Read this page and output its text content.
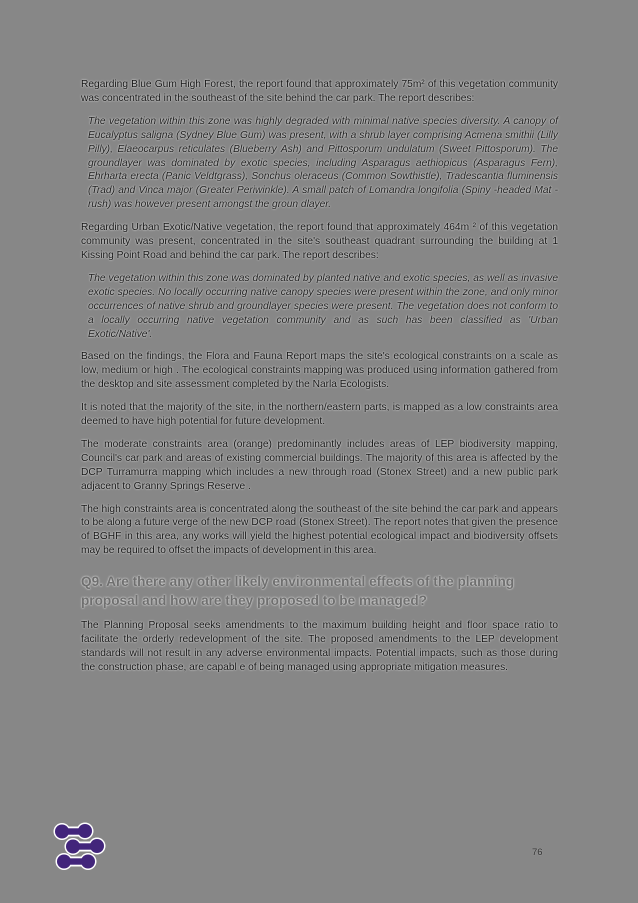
Regarding Blue Gum High Forest, the report found that approximately 75m² of this vegetation community was concentrated in the southeast of the site behind the car park. The report describes:

The vegetation within this zone was highly degraded with minimal native species diversity. A canopy of Eucalyptus saligna (Sydney Blue Gum) was present, with a shrub layer comprising Acmena smithii (Lilly Pilly), Elaeocarpus reticulates (Blueberry Ash) and Pittosporum undulatum (Sweet Pittosporum). The groundlayer was dominated by exotic species, including Asparagus aethiopicus (Asparagus Fern), Ehrharta erecta (Panic Veldtgrass), Sonchus oleraceus (Common Sowthistle), Tradescantia fluminensis (Trad) and Vinca major (Greater Periwinkle). A small patch of Lomandra longifolia (Spiny -headed Mat -rush) was however present amongst the groun dlayer.

Regarding Urban Exotic/Native vegetation, the report found that approximately 464m ² of this vegetation community was present, concentrated in the site's southeast quadrant surrounding the building at 1 Kissing Point Road and behind the car park. The report describes:

The vegetation within this zone was dominated by planted native and exotic species, as well as invasive exotic species. No locally occurring native canopy species were present within the zone, and only minor occurrences of native shrub and groundlayer species were present. The vegetation does not conform to a locally occurring native vegetation community and as such has been classified as 'Urban Exotic/Native'.

Based on the findings, the Flora and Fauna Report maps the site's ecological constraints on a scale as low, medium or high . The ecological constraints mapping was produced using information gathered from the desktop and site assessment completed by the Narla Ecologists.

It is noted that the majority of the site, in the northern/eastern parts, is mapped as a low constraints area deemed to have high potential for future development.

The moderate constraints area (orange) predominantly includes areas of LEP biodiversity mapping, Council's car park and areas of existing commercial buildings. The majority of this area is affected by the DCP Turramurra mapping which includes a new through road (Stonex Street) and a new public park adjacent to Granny Springs Reserve .

The high constraints area is concentrated along the southeast of the site behind the car park and appears to be along a future verge of the new DCP road (Stonex Street). The report notes that given the presence of BGHF in this area, any works will yield the highest potential ecological impact and biodiversity offsets may be required to offset the impacts of development in this area.

Q9. Are there any other likely environmental effects of the planning proposal and how are they proposed to be managed?

The Planning Proposal seeks amendments to the maximum building height and floor space ratio to facilitate the orderly redevelopment of the site. The proposed amendments to the LEP development standards will not result in any adverse environmental impacts. Potential impacts, such as those during the construction phase, are capabl e of being managed using appropriate mitigation measures.

76
